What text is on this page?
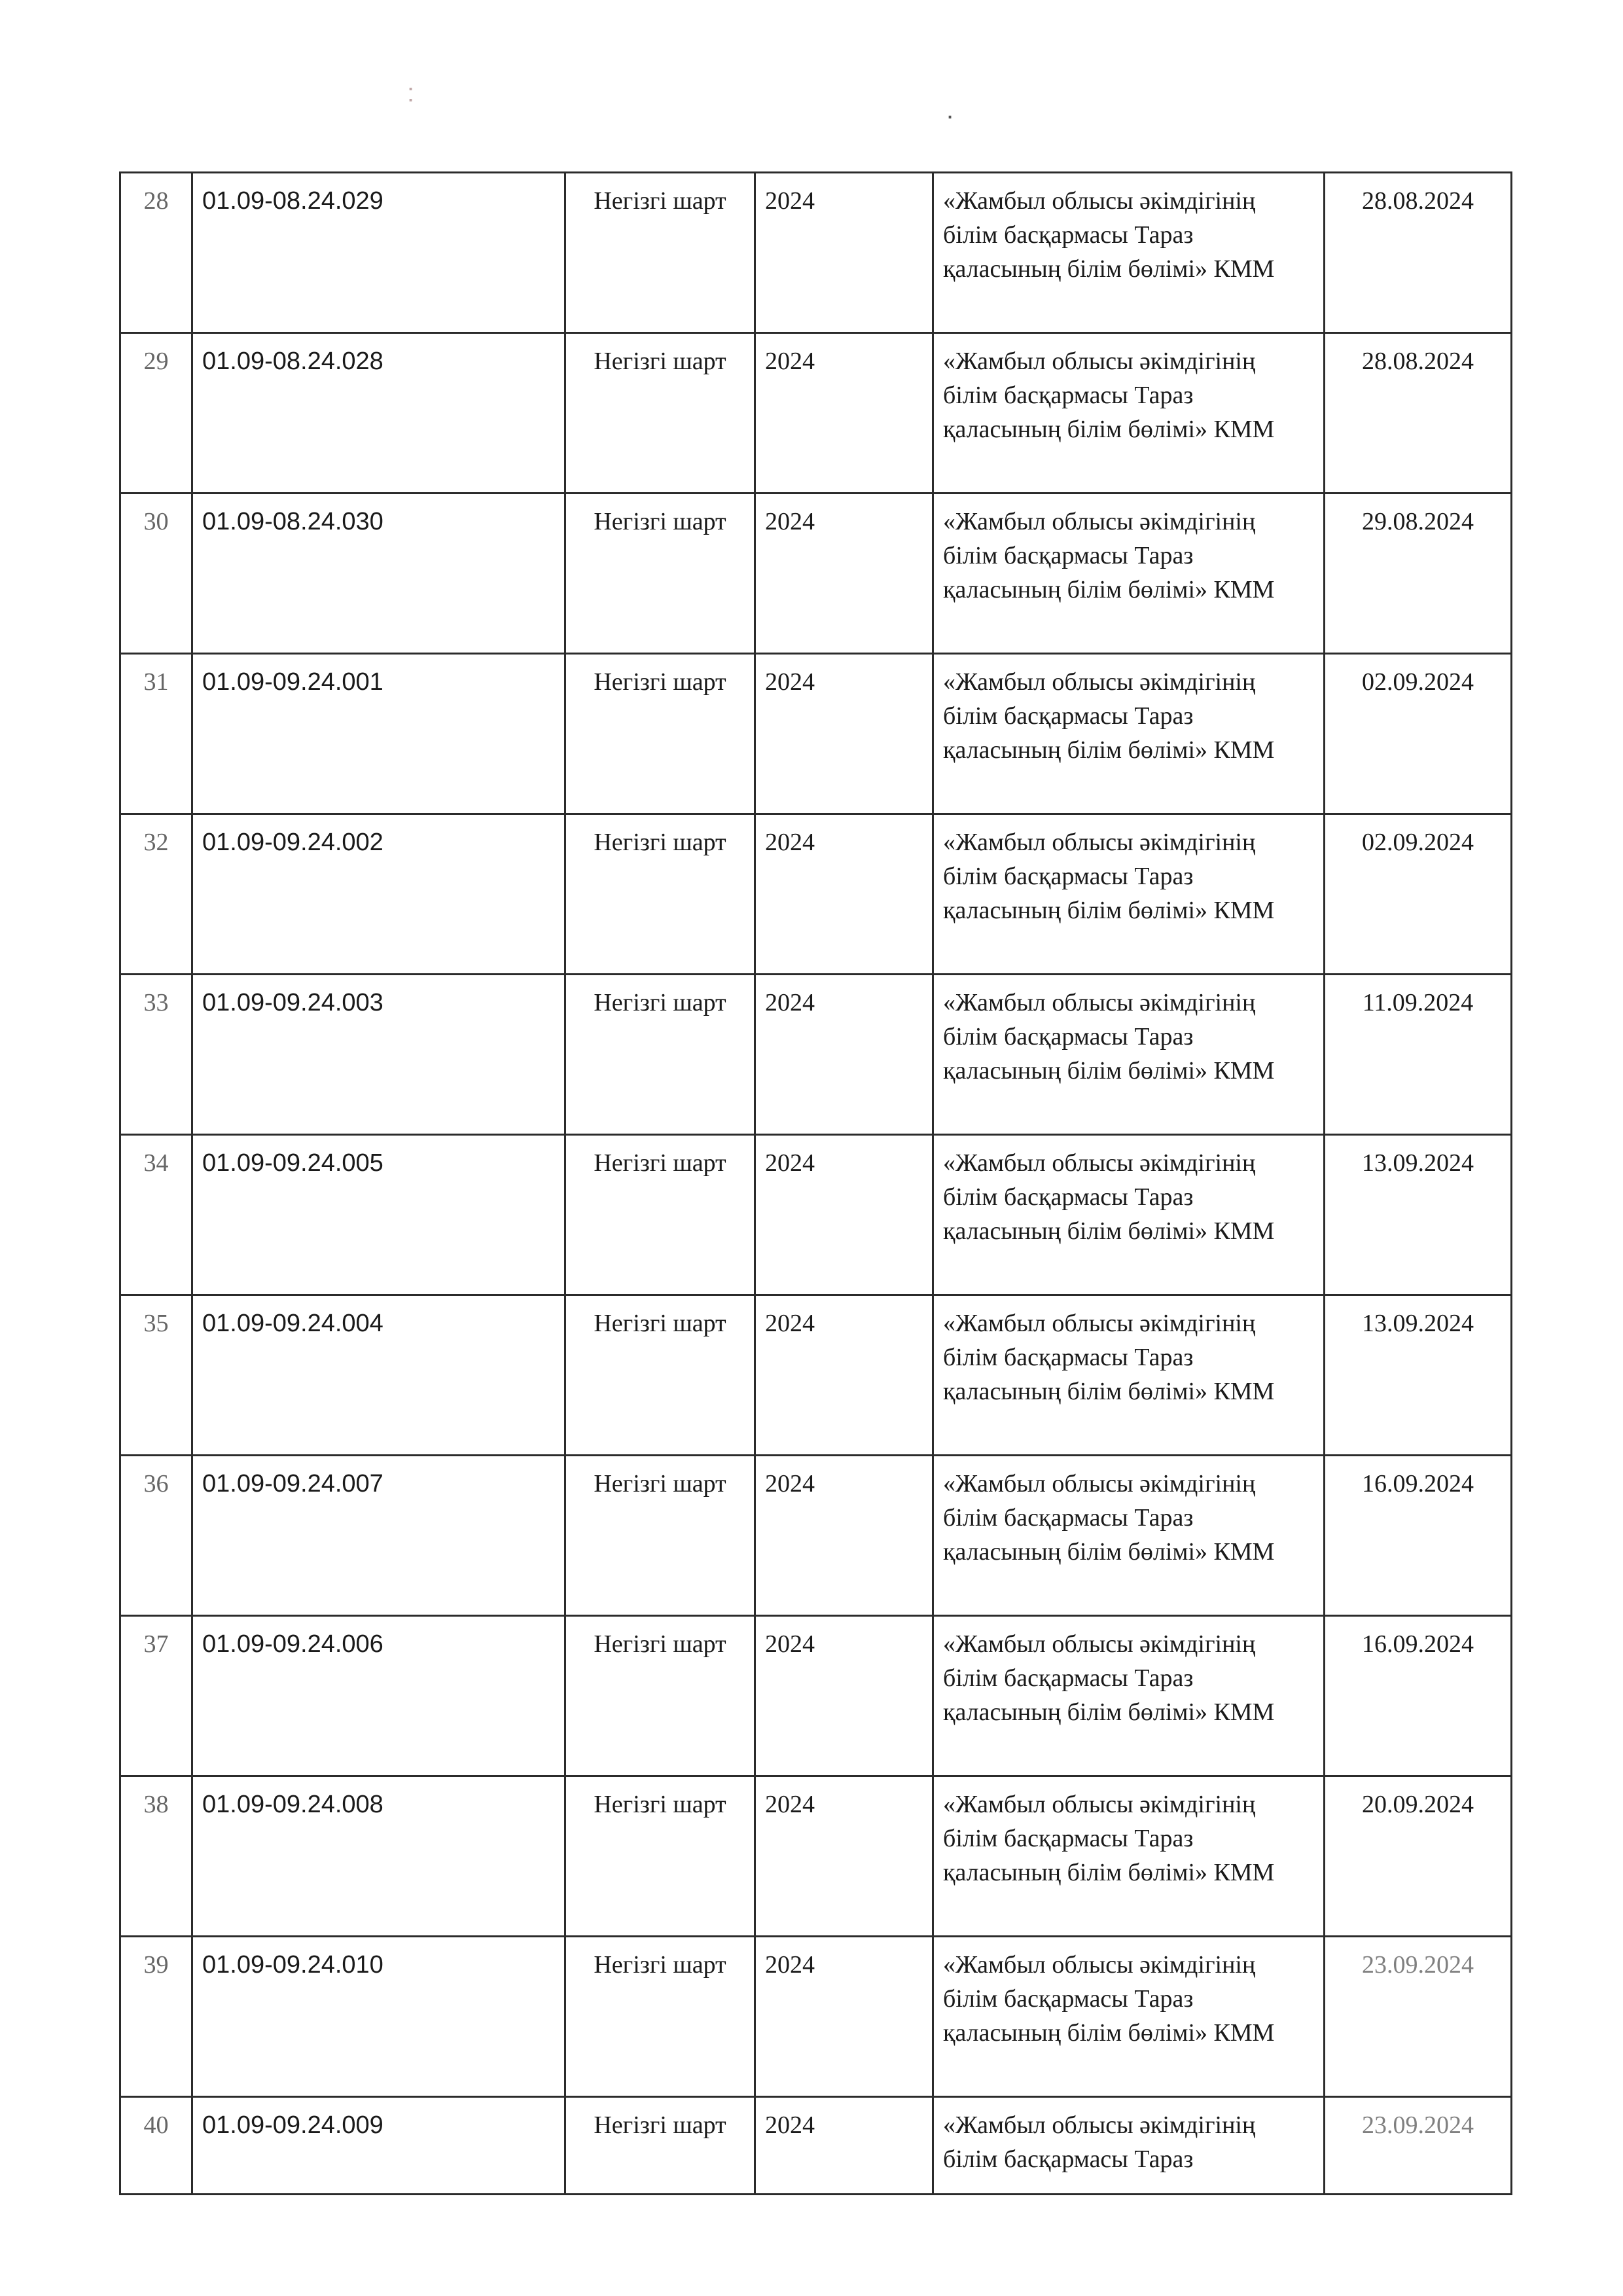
:
.
28	01.09-08.24.029	Негізгі шарт	2024	«Жамбыл облысы әкімдігінің білім басқармасы Тараз қаласының білім бөлімі» КММ	28.08.2024
29	01.09-08.24.028	Негізгі шарт	2024	«Жамбыл облысы әкімдігінің білім басқармасы Тараз қаласының білім бөлімі» КММ	28.08.2024
30	01.09-08.24.030	Негізгі шарт	2024	«Жамбыл облысы әкімдігінің білім басқармасы Тараз қаласының білім бөлімі» КММ	29.08.2024
31	01.09-09.24.001	Негізгі шарт	2024	«Жамбыл облысы әкімдігінің білім басқармасы Тараз қаласының білім бөлімі» КММ	02.09.2024
32	01.09-09.24.002	Негізгі шарт	2024	«Жамбыл облысы әкімдігінің білім басқармасы Тараз қаласының білім бөлімі» КММ	02.09.2024
33	01.09-09.24.003	Негізгі шарт	2024	«Жамбыл облысы әкімдігінің білім басқармасы Тараз қаласының білім бөлімі» КММ	11.09.2024
34	01.09-09.24.005	Негізгі шарт	2024	«Жамбыл облысы әкімдігінің білім басқармасы Тараз қаласының білім бөлімі» КММ	13.09.2024
35	01.09-09.24.004	Негізгі шарт	2024	«Жамбыл облысы әкімдігінің білім басқармасы Тараз қаласының білім бөлімі» КММ	13.09.2024
36	01.09-09.24.007	Негізгі шарт	2024	«Жамбыл облысы әкімдігінің білім басқармасы Тараз қаласының білім бөлімі» КММ	16.09.2024
37	01.09-09.24.006	Негізгі шарт	2024	«Жамбыл облысы әкімдігінің білім басқармасы Тараз қаласының білім бөлімі» КММ	16.09.2024
38	01.09-09.24.008	Негізгі шарт	2024	«Жамбыл облысы әкімдігінің білім басқармасы Тараз қаласының білім бөлімі» КММ	20.09.2024
39	01.09-09.24.010	Негізгі шарт	2024	«Жамбыл облысы әкімдігінің білім басқармасы Тараз қаласының білім бөлімі» КММ	23.09.2024
40	01.09-09.24.009	Негізгі шарт	2024	«Жамбыл облысы әкімдігінің білім басқармасы Тараз	23.09.2024
